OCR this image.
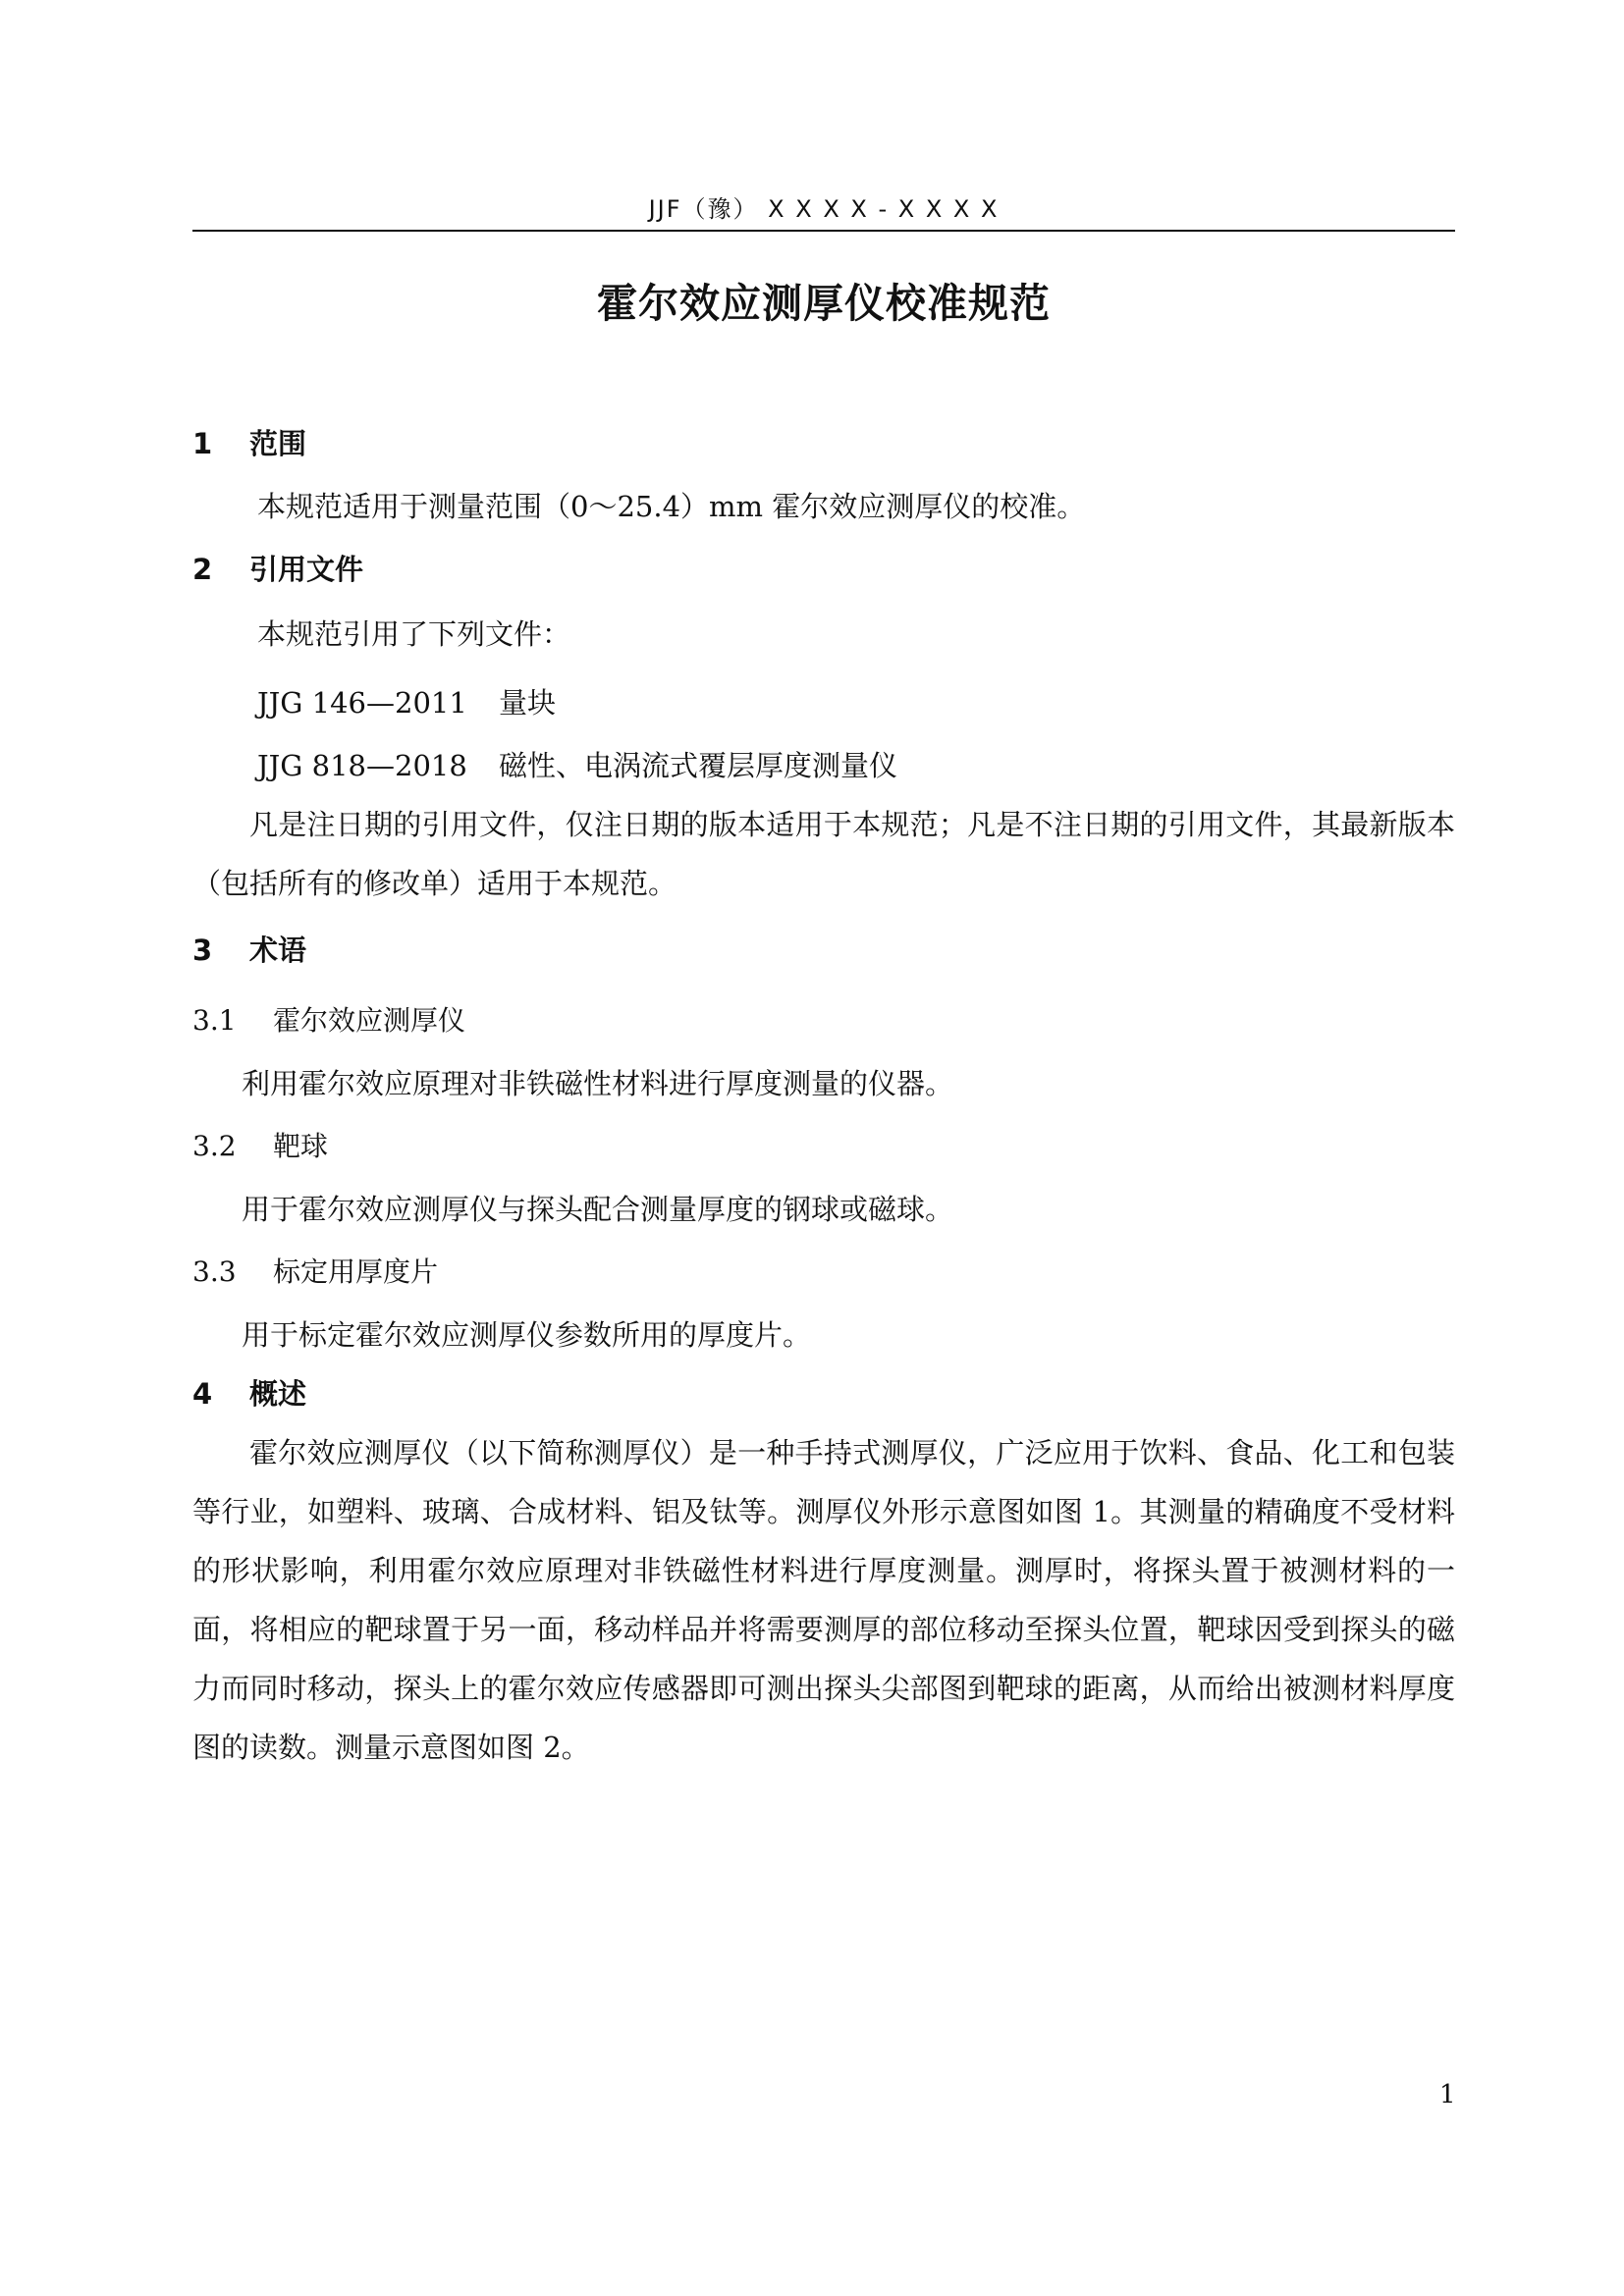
JJF（豫） X X X X - X X X X
霍尔效应测厚仪校准规范
1 范围
本规范适用于测量范围（0～25.4）mm 霍尔效应测厚仪的校准。
2 引用文件
本规范引用了下列文件：
JJG 146—2011 量块
JJG 818—2018 磁性、电涡流式覆层厚度测量仪

凡是注日期的引用文件，仅注日期的版本适用于本规范；凡是不注日期的引用文件，其最新版本（包括所有的修改单）适用于本规范。

3 术语
3.1 霍尔效应测厚仪
利用霍尔效应原理对非铁磁性材料进行厚度测量的仪器。
3.2 靶球
用于霍尔效应测厚仪与探头配合测量厚度的钢球或磁球。
3.3 标定用厚度片
用于标定霍尔效应测厚仪参数所用的厚度片。
4 概述

霍尔效应测厚仪（以下简称测厚仪）是一种手持式测厚仪，广泛应用于饮料、食品、化工和包装等行业，如塑料、玻璃、合成材料、铝及钛等。测厚仪外形示意图如图 1。其测量的精确度不受材料的形状影响，利用霍尔效应原理对非铁磁性材料进行厚度测量。测厚时，将探头置于被测材料的一面，将相应的靶球置于另一面，移动样品并将需要测厚的部位移动至探头位置，靶球因受到探头的磁力而同时移动，探头上的霍尔效应传感器即可测出探头尖部图到靶球的距离，从而给出被测材料厚度图的读数。测量示意图如图 2。

1
